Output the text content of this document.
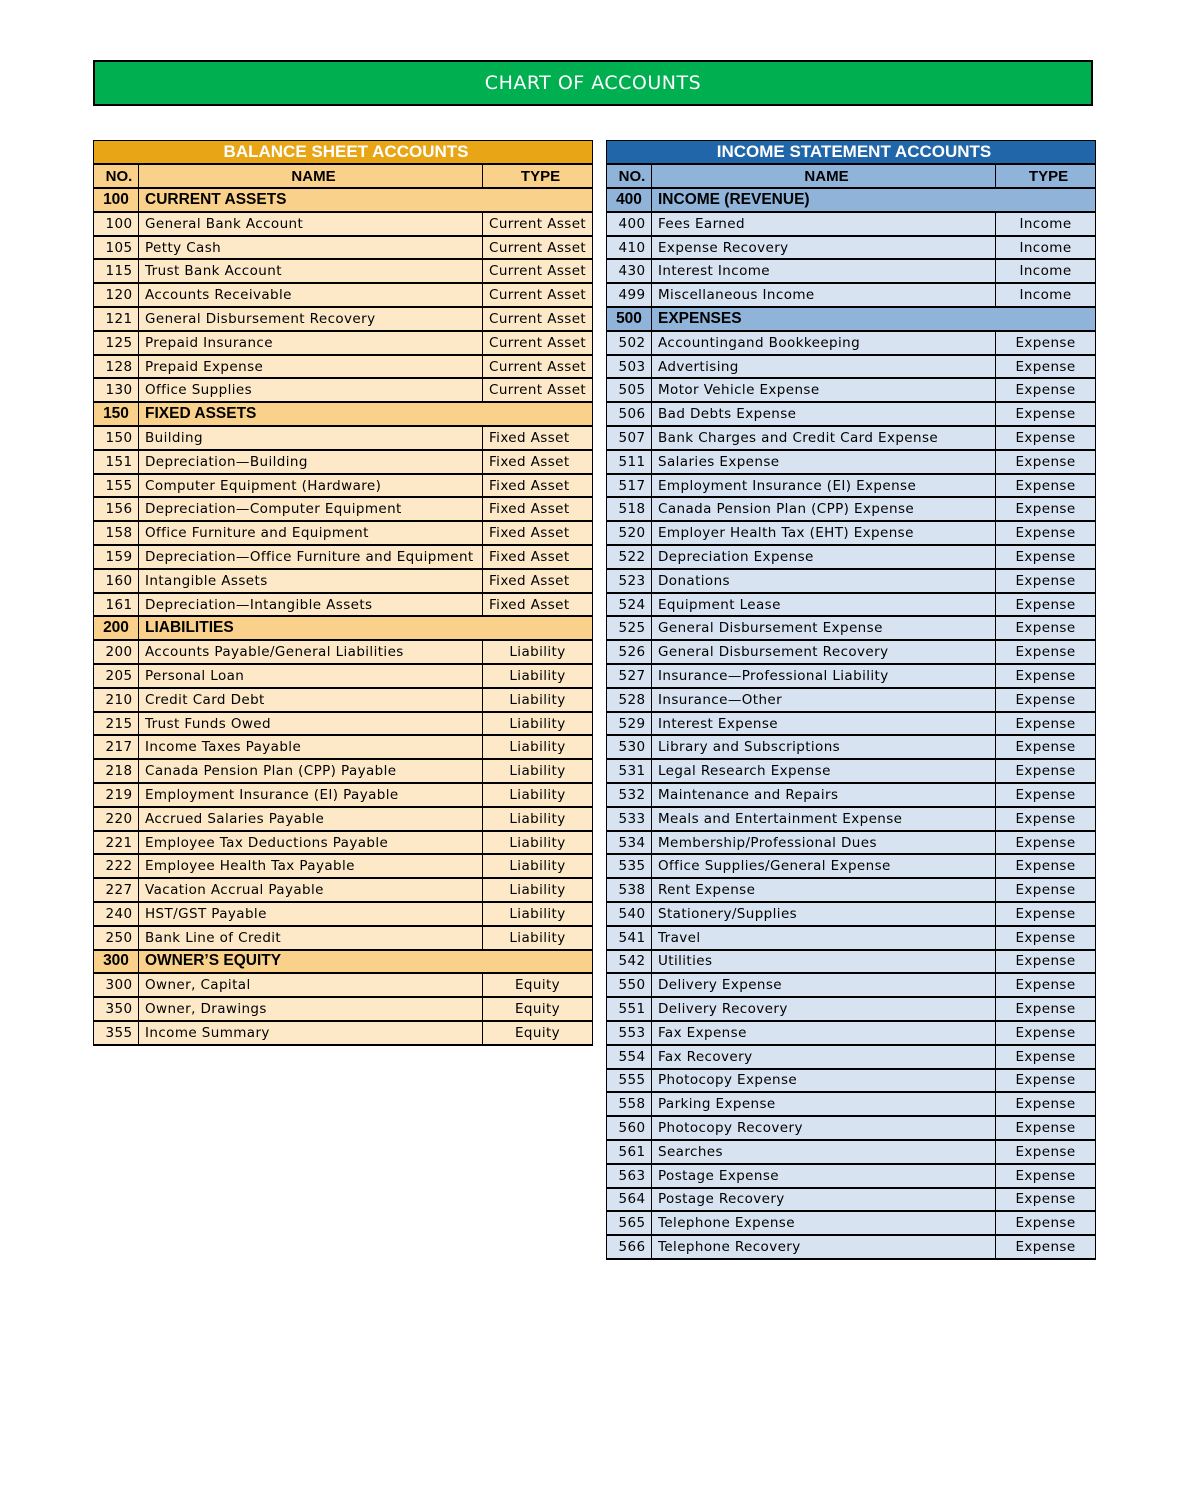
CHART OF ACCOUNTS
BALANCE SHEET ACCOUNTS		
NO.	NAME	TYPE
100	CURRENT ASSETS	
100	General Bank Account	Current Asset
105	Petty Cash	Current Asset
115	Trust Bank Account	Current Asset
120	Accounts Receivable	Current Asset
121	General Disbursement Recovery	Current Asset
125	Prepaid Insurance	Current Asset
128	Prepaid Expense	Current Asset
130	Office Supplies	Current Asset
150	FIXED ASSETS	
150	Building	Fixed Asset
151	Depreciation—Building	Fixed Asset
155	Computer Equipment (Hardware)	Fixed Asset
156	Depreciation—Computer Equipment	Fixed Asset
158	Office Furniture and Equipment	Fixed Asset
159	Depreciation—Office Furniture and Equipment	Fixed Asset
160	Intangible Assets	Fixed Asset
161	Depreciation—Intangible Assets	Fixed Asset
200	LIABILITIES	
200	Accounts Payable/General Liabilities	Liability
205	Personal Loan	Liability
210	Credit Card Debt	Liability
215	Trust Funds Owed	Liability
217	Income Taxes Payable	Liability
218	Canada Pension Plan (CPP) Payable	Liability
219	Employment Insurance (EI) Payable	Liability
220	Accrued Salaries Payable	Liability
221	Employee Tax Deductions Payable	Liability
222	Employee Health Tax Payable	Liability
227	Vacation Accrual Payable	Liability
240	HST/GST Payable	Liability
250	Bank Line of Credit	Liability
300	OWNER’S EQUITY	
300	Owner, Capital	Equity
350	Owner, Drawings	Equity
355	Income Summary	Equity
INCOME STATEMENT ACCOUNTS		
NO.	NAME	TYPE
400	INCOME (REVENUE)	
400	Fees Earned	Income
410	Expense Recovery	Income
430	Interest Income	Income
499	Miscellaneous Income	Income
500	EXPENSES	
502	Accountingand Bookkeeping	Expense
503	Advertising	Expense
505	Motor Vehicle Expense	Expense
506	Bad Debts Expense	Expense
507	Bank Charges and Credit Card Expense	Expense
511	Salaries Expense	Expense
517	Employment Insurance (EI) Expense	Expense
518	Canada Pension Plan (CPP) Expense	Expense
520	Employer Health Tax (EHT) Expense	Expense
522	Depreciation Expense	Expense
523	Donations	Expense
524	Equipment Lease	Expense
525	General Disbursement Expense	Expense
526	General Disbursement Recovery	Expense
527	Insurance—Professional Liability	Expense
528	Insurance—Other	Expense
529	Interest Expense	Expense
530	Library and Subscriptions	Expense
531	Legal Research Expense	Expense
532	Maintenance and Repairs	Expense
533	Meals and Entertainment Expense	Expense
534	Membership/Professional Dues	Expense
535	Office Supplies/General Expense	Expense
538	Rent Expense	Expense
540	Stationery/Supplies	Expense
541	Travel	Expense
542	Utilities	Expense
550	Delivery Expense	Expense
551	Delivery Recovery	Expense
553	Fax Expense	Expense
554	Fax Recovery	Expense
555	Photocopy Expense	Expense
558	Parking Expense	Expense
560	Photocopy Recovery	Expense
561	Searches	Expense
563	Postage Expense	Expense
564	Postage Recovery	Expense
565	Telephone Expense	Expense
566	Telephone Recovery	Expense
